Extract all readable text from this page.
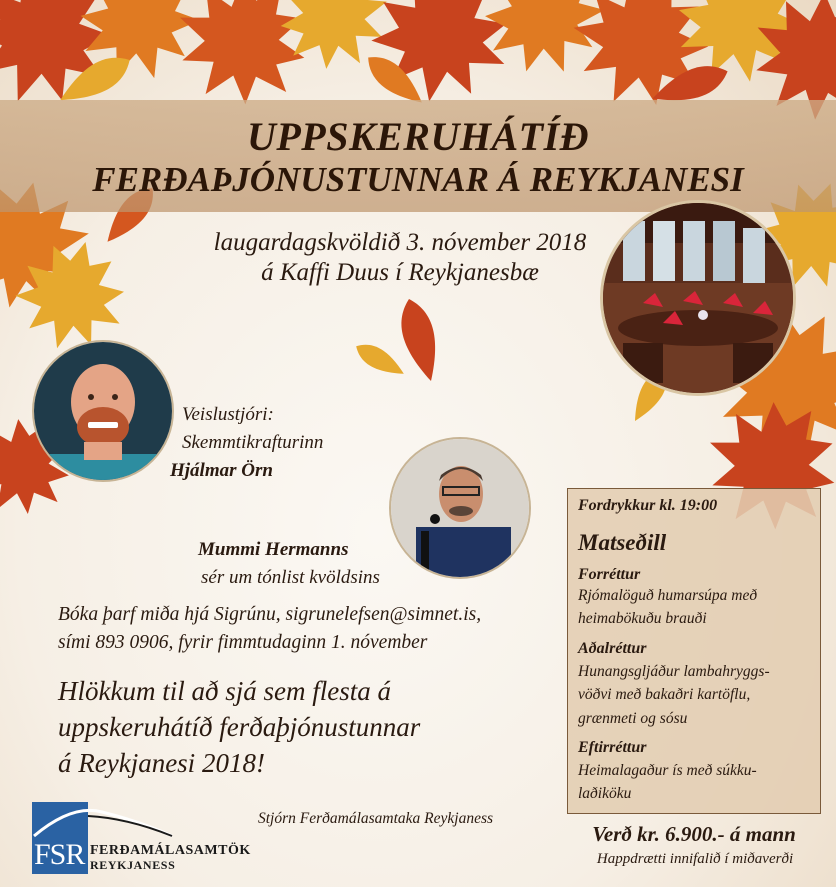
UPPSKERUHÁTÍÐ
FERÐAÞJÓNUSTUNNAR Á REYKJANESI
laugardagskvöldið 3. nóvember 2018
á Kaffi Duus í Reykjanesbæ
Veislustjóri:
Skemmtikrafturinn
Hjálmar Örn
Mummi Hermanns
sér um tónlist kvöldsins
Bóka þarf miða hjá Sigrúnu, sigrunelefsen@simnet.is,
sími 893 0906, fyrir fimmtudaginn 1. nóvember
Hlökkum til að sjá sem flesta á
uppskeruhátíð ferðaþjónustunnar
á Reykjanesi 2018!
Stjórn Ferðamálasamtaka Reykjaness
FSR FERÐAMÁLASAMTÖK
REYKJANESS
Fordrykkur kl. 19:00
Matseðill
Forréttur
Rjómalöguð humarsúpa með
heimabökuðu brauði
Aðalréttur
Hunangsgljáður lambahryggs-
vöðvi með bakaðri kartöflu,
grænmeti og sósu
Eftirréttur
Heimalagaður ís með súkku-
laðiköku
Verð kr. 6.900.- á mann
Happdrætti innifalið í miðaverði
